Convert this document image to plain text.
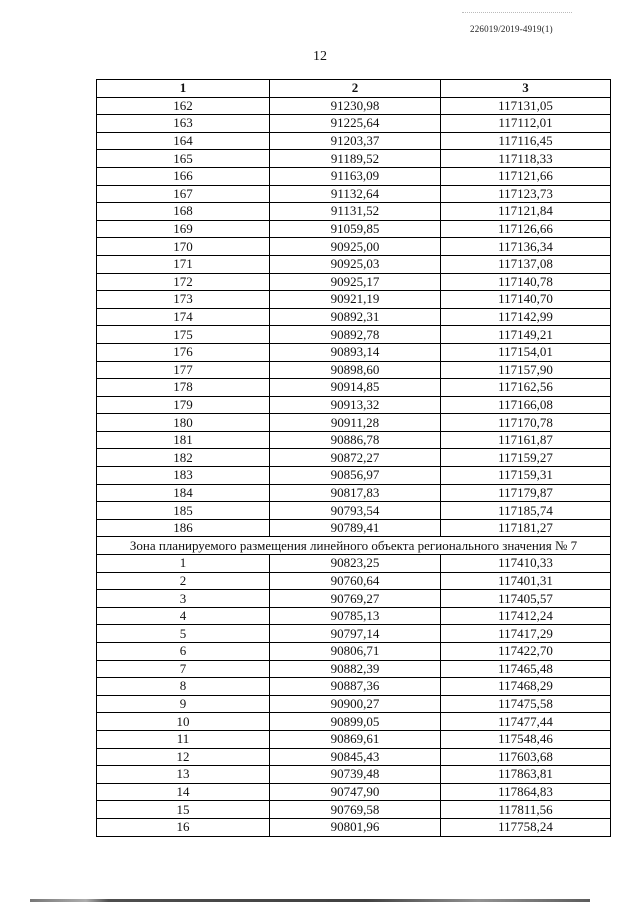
226019/2019-4919(1)
12
1	2	3
162	91230,98	117131,05
163	91225,64	117112,01
164	91203,37	117116,45
165	91189,52	117118,33
166	91163,09	117121,66
167	91132,64	117123,73
168	91131,52	117121,84
169	91059,85	117126,66
170	90925,00	117136,34
171	90925,03	117137,08
172	90925,17	117140,78
173	90921,19	117140,70
174	90892,31	117142,99
175	90892,78	117149,21
176	90893,14	117154,01
177	90898,60	117157,90
178	90914,85	117162,56
179	90913,32	117166,08
180	90911,28	117170,78
181	90886,78	117161,87
182	90872,27	117159,27
183	90856,97	117159,31
184	90817,83	117179,87
185	90793,54	117185,74
186	90789,41	117181,27
Зона планируемого размещения линейного объекта регионального значения № 7		
1	90823,25	117410,33
2	90760,64	117401,31
3	90769,27	117405,57
4	90785,13	117412,24
5	90797,14	117417,29
6	90806,71	117422,70
7	90882,39	117465,48
8	90887,36	117468,29
9	90900,27	117475,58
10	90899,05	117477,44
11	90869,61	117548,46
12	90845,43	117603,68
13	90739,48	117863,81
14	90747,90	117864,83
15	90769,58	117811,56
16	90801,96	117758,24
